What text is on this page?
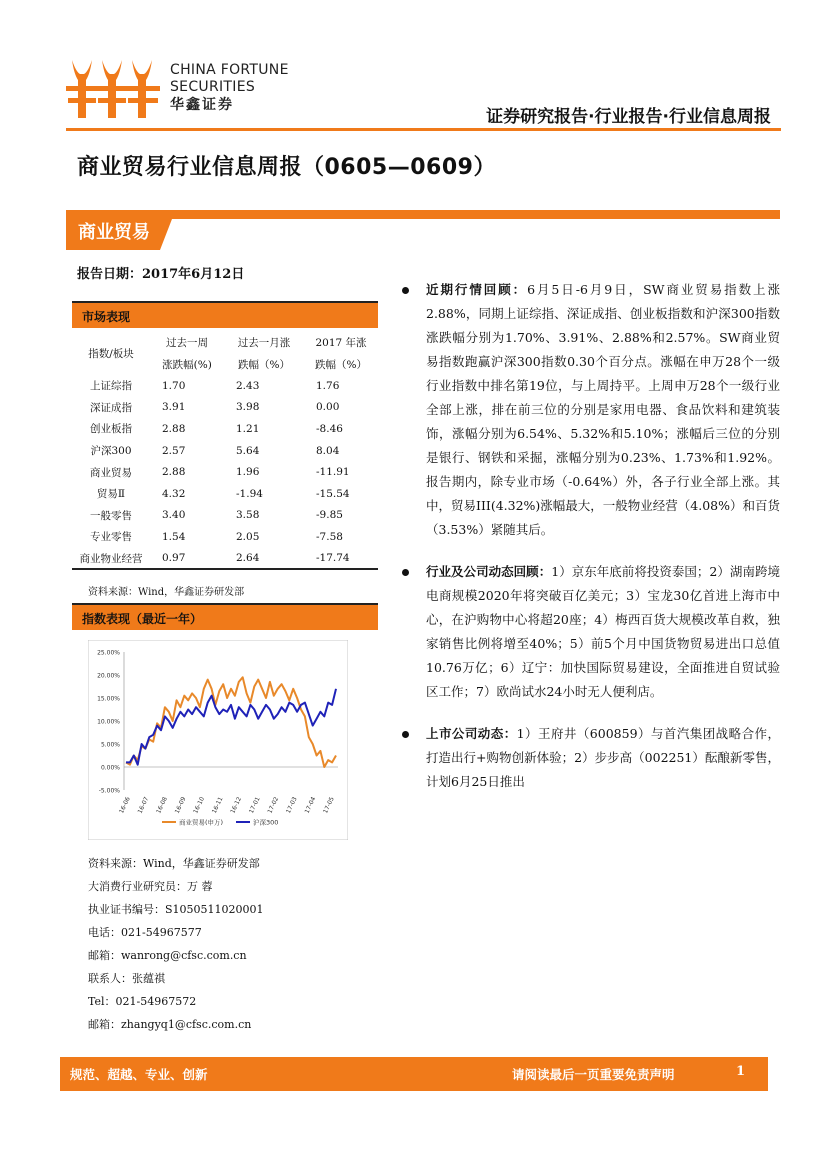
CHINA FORTUNE
SECURITIES
华鑫证券
证券研究报告·行业报告·行业信息周报
商业贸易行业信息周报（0605—0609）
商业贸易
报告日期：2017年6月12日
市场表现
指数/板块	过去一周	过去一月涨	2017 年涨
	涨跌幅(%)	跌幅（%）	跌幅（%）
上证综指	1.70	2.43	1.76
深证成指	3.91	3.98	0.00
创业板指	2.88	1.21	-8.46
沪深300	2.57	5.64	8.04
商业贸易	2.88	1.96	-11.91
贸易Ⅱ	4.32	-1.94	-15.54
一般零售	3.40	3.58	-9.85
专业零售	1.54	2.05	-7.58
商业物业经营	0.97	2.64	-17.74
资料来源：Wind，华鑫证券研发部
指数表现（最近一年）
25.00%
20.00%
15.00%
10.00%
5.00%
0.00%
-5.00%
16-06 16-07 16-08 16-09 16-10 16-11 16-12 17-01 17-02 17-03 17-04 17-05
商业贸易(申万)	沪深300
资料来源：Wind，华鑫证券研发部
大消费行业研究员：万 蓉
执业证书编号：S1050511020001
电话：021-54967577
邮箱：wanrong@cfsc.com.cn
联系人：张蕴祺
Tel：021-54967572
邮箱：zhangyq1@cfsc.com.cn
近期行情回顾：6月5日-6月9日，SW商业贸易指数上涨2.88%，同期上证综指、深证成指、创业板指数和沪深300指数涨跌幅分别为1.70%、3.91%、2.88%和2.57%。SW商业贸易指数跑赢沪深300指数0.30个百分点。涨幅在申万28个一级行业指数中排名第19位，与上周持平。上周申万28个一级行业全部上涨，排在前三位的分别是家用电器、食品饮料和建筑装饰，涨幅分别为6.54%、5.32%和5.10%；涨幅后三位的分别是银行、钢铁和采掘，涨幅分别为0.23%、1.73%和1.92%。报告期内，除专业市场（-0.64%）外，各子行业全部上涨。其中，贸易III(4.32%)涨幅最大，一般物业经营（4.08%）和百货（3.53%）紧随其后。
行业及公司动态回顾：1）京东年底前将投资泰国；2）湖南跨境电商规模2020年将突破百亿美元；3）宝龙30亿首进上海市中心，在沪购物中心将超20座；4）梅西百货大规模改革自救，独家销售比例将增至40%；5）前5个月中国货物贸易进出口总值10.76万亿；6）辽宁：加快国际贸易建设，全面推进自贸试验区工作；7）欧尚试水24小时无人便利店。
上市公司动态：1）王府井（600859）与首汽集团战略合作，打造出行+购物创新体验；2）步步高（002251）酝酿新零售，计划6月25日推出
规范、超越、专业、创新	请阅读最后一页重要免责声明	1
